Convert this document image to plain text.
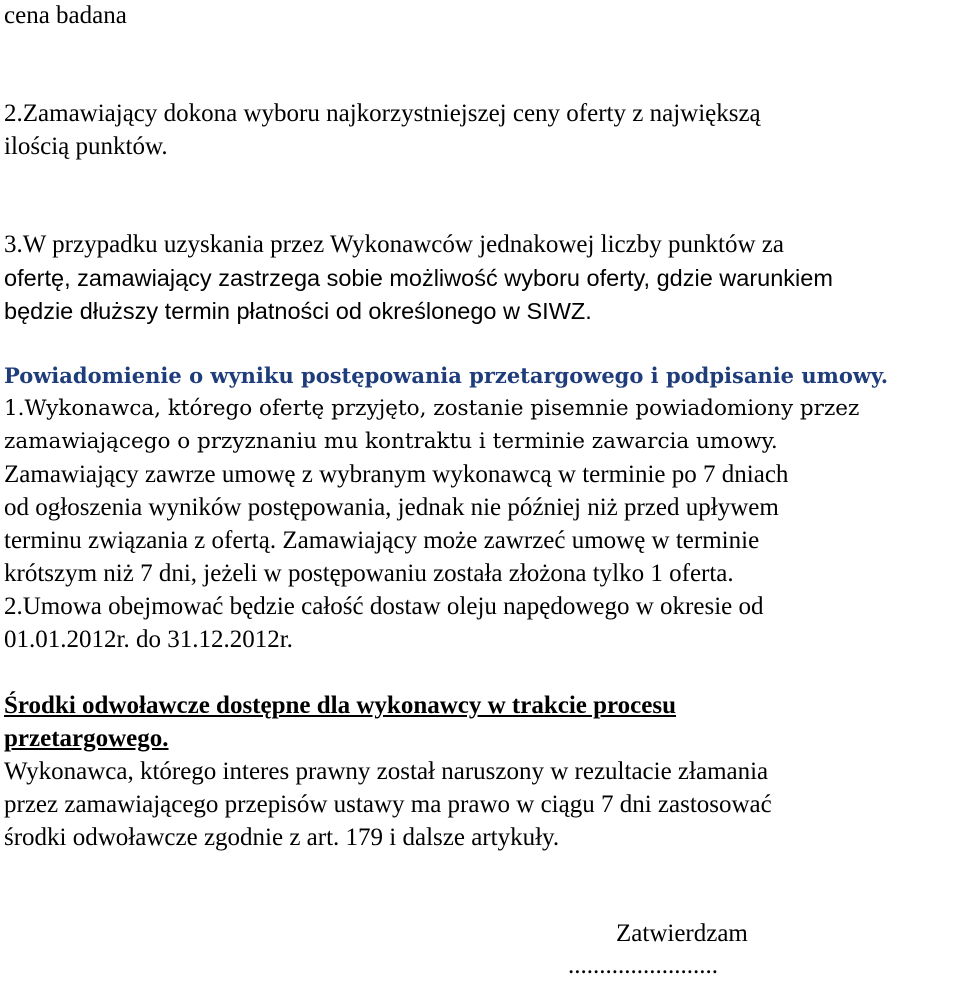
cena badana
2.Zamawiający dokona wyboru najkorzystniejszej ceny oferty z największą
ilością punktów.
3.W przypadku uzyskania przez Wykonawców jednakowej liczby punktów za
ofertę, zamawiający zastrzega sobie możliwość wyboru oferty, gdzie warunkiem
będzie dłuższy termin płatności od określonego w SIWZ.
Powiadomienie o wyniku postępowania przetargowego i podpisanie umowy.
1.Wykonawca, którego ofertę przyjęto, zostanie pisemnie powiadomiony przez
zamawiającego o przyznaniu mu kontraktu i terminie zawarcia umowy.
Zamawiający zawrze umowę z wybranym wykonawcą w terminie po 7 dniach
od ogłoszenia wyników postępowania, jednak nie później niż przed upływem
terminu związania z ofertą. Zamawiający może zawrzeć umowę w terminie
krótszym niż 7 dni, jeżeli w postępowaniu została złożona tylko 1 oferta.
2.Umowa obejmować będzie całość dostaw oleju napędowego w okresie od
01.01.2012r. do 31.12.2012r.
Środki odwoławcze dostępne dla wykonawcy w trakcie procesu
przetargowego.
Wykonawca, którego interes prawny został naruszony w rezultacie złamania
przez zamawiającego przepisów ustawy ma prawo w ciągu 7 dni zastosować
środki odwoławcze zgodnie z art. 179 i dalsze artykuły.
Zatwierdzam
........................
